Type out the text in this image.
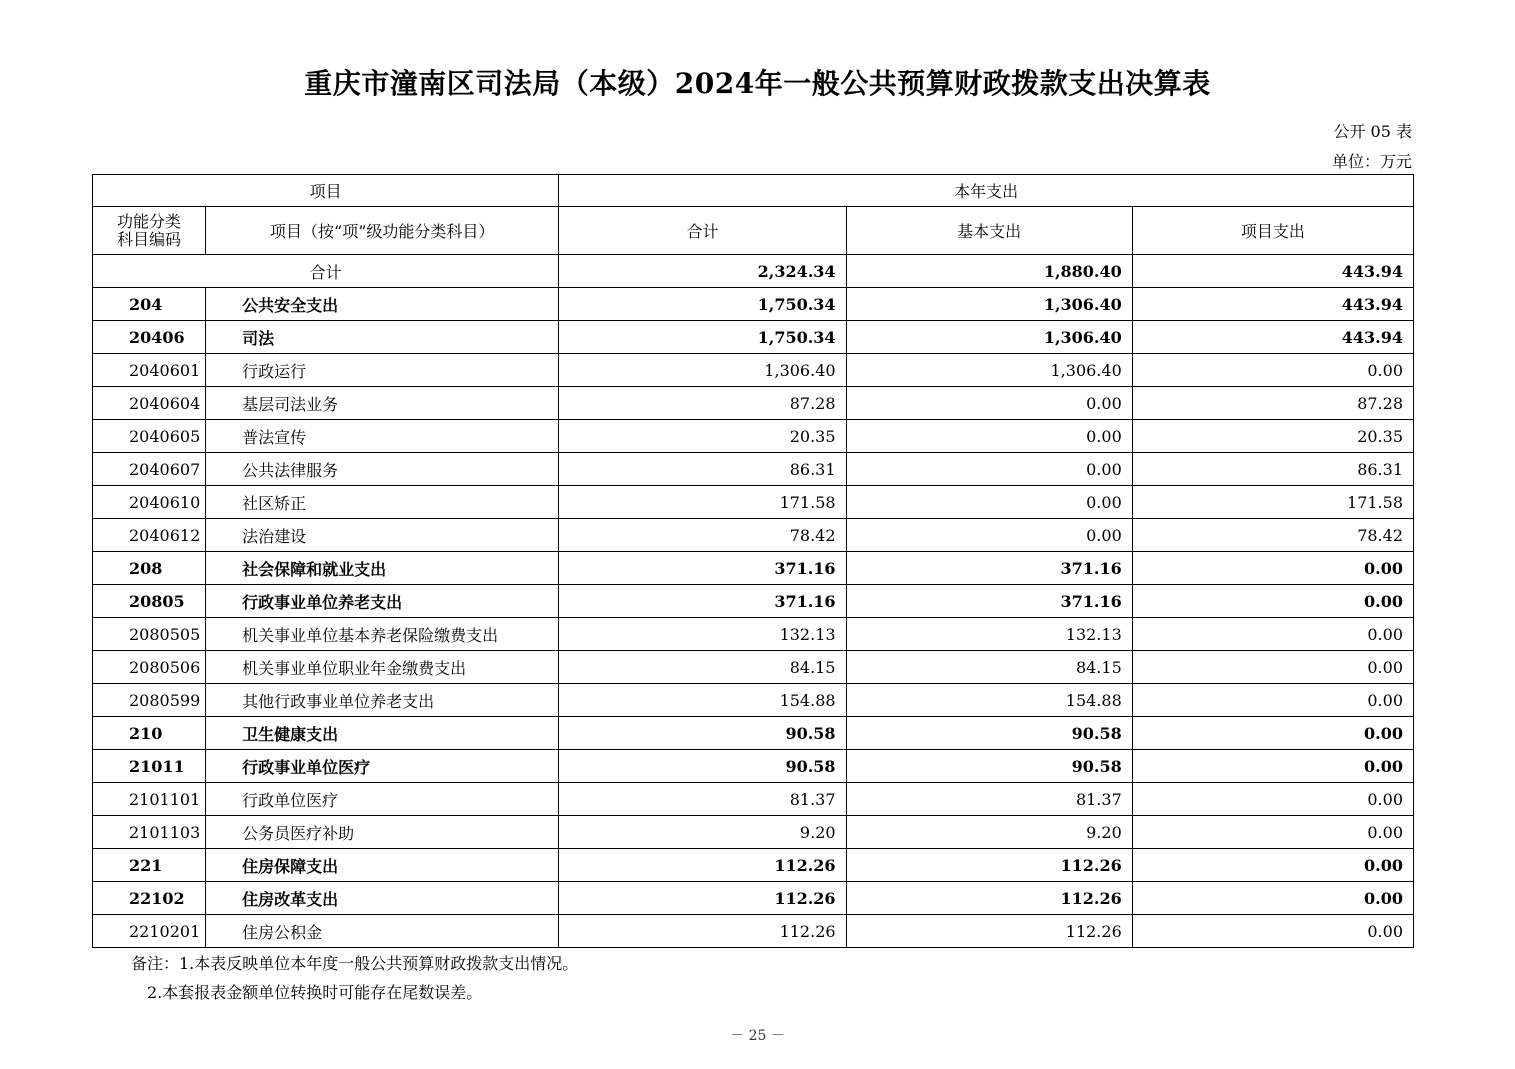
重庆市潼南区司法局（本级）2024年一般公共预算财政拨款支出决算表
公开 05 表
单位：万元
项目		本年支出		
功能分类
科目编码	项目（按“项”级功能分类科目）	合计	基本支出	项目支出
合计		2,324.34	1,880.40	443.94
204	公共安全支出	1,750.34	1,306.40	443.94
20406	司法	1,750.34	1,306.40	443.94
2040601	行政运行	1,306.40	1,306.40	0.00
2040604	基层司法业务	87.28	0.00	87.28
2040605	普法宣传	20.35	0.00	20.35
2040607	公共法律服务	86.31	0.00	86.31
2040610	社区矫正	171.58	0.00	171.58
2040612	法治建设	78.42	0.00	78.42
208	社会保障和就业支出	371.16	371.16	0.00
20805	行政事业单位养老支出	371.16	371.16	0.00
2080505	机关事业单位基本养老保险缴费支出	132.13	132.13	0.00
2080506	机关事业单位职业年金缴费支出	84.15	84.15	0.00
2080599	其他行政事业单位养老支出	154.88	154.88	0.00
210	卫生健康支出	90.58	90.58	0.00
21011	行政事业单位医疗	90.58	90.58	0.00
2101101	行政单位医疗	81.37	81.37	0.00
2101103	公务员医疗补助	9.20	9.20	0.00
221	住房保障支出	112.26	112.26	0.00
22102	住房改革支出	112.26	112.26	0.00
2210201	住房公积金	112.26	112.26	0.00
备注：1.本表反映单位本年度一般公共预算财政拨款支出情况。
2.本套报表金额单位转换时可能存在尾数误差。
－ 25 －
